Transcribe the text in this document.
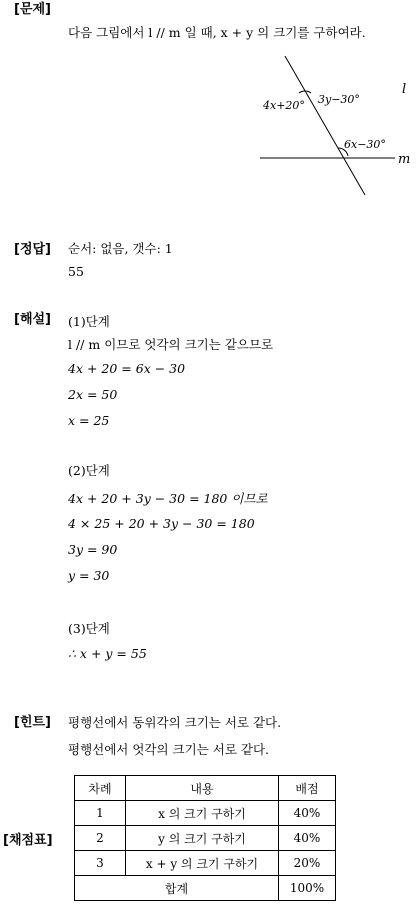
[문제]
다음 그림에서 l // m 일 때, x + y 의 크기를 구하여라.
4x+20° 3y−30°
6x−30°
l
m
[정답] 순서: 없음, 갯수: 1
55
[해설] (1)단계
l // m 이므로 엇각의 크기는 같으므로
4x + 20 = 6x − 30
2x = 50
x = 25
(2)단계
4x + 20 + 3y − 30 = 180 이므로
4 × 25 + 20 + 3y − 30 = 180
3y = 90
y = 30
(3)단계
∴ x + y = 55
[힌트] 평행선에서 동위각의 크기는 서로 같다.
평행선에서 엇각의 크기는 서로 같다.
[채점표]
차례	내용	배점
1	x 의 크기 구하기	40%
2	y 의 크기 구하기	40%
3	x + y 의 크기 구하기	20%
합계		100%
